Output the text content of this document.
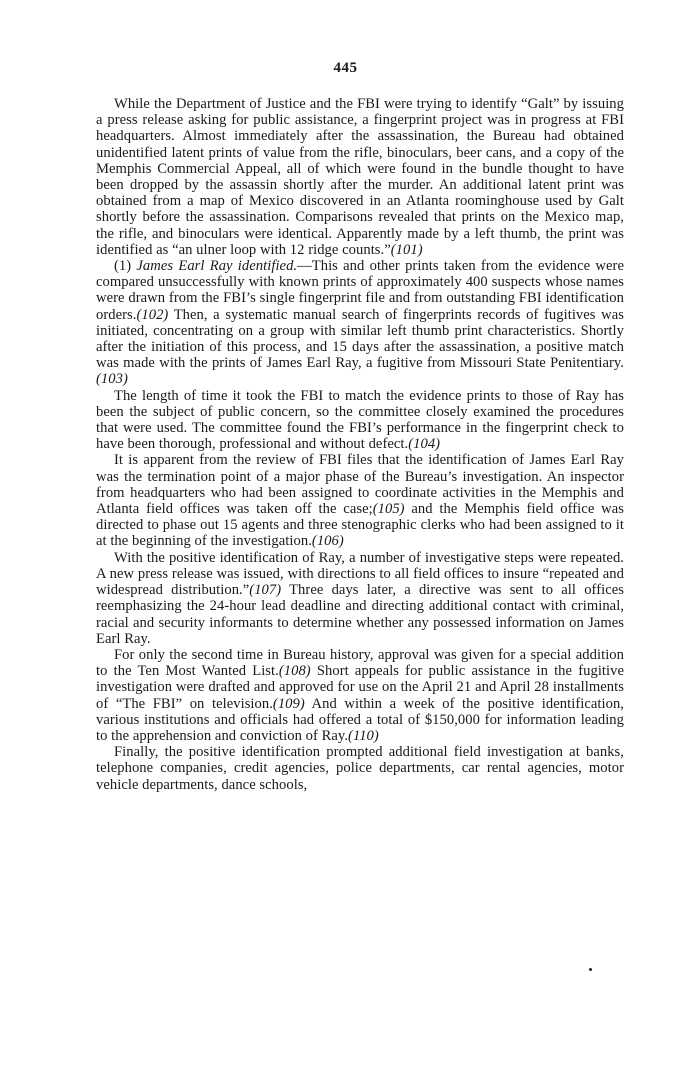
445

While the Department of Justice and the FBI were trying to identify “Galt” by issuing a press release asking for public assistance, a fingerprint project was in progress at FBI headquarters. Almost immediately after the assassination, the Bureau had obtained unidentified latent prints of value from the rifle, binoculars, beer cans, and a copy of the Memphis Commercial Appeal, all of which were found in the bundle thought to have been dropped by the assassin shortly after the murder. An additional latent print was obtained from a map of Mexico discovered in an Atlanta roominghouse used by Galt shortly before the assassination. Comparisons revealed that prints on the Mexico map, the rifle, and binoculars were identical. Apparently made by a left thumb, the print was identified as “an ulner loop with 12 ridge counts.”(101)

(1) James Earl Ray identified.—This and other prints taken from the evidence were compared unsuccessfully with known prints of approximately 400 suspects whose names were drawn from the FBI’s single fingerprint file and from outstanding FBI identification orders.(102) Then, a systematic manual search of fingerprints records of fugitives was initiated, concentrating on a group with similar left thumb print characteristics. Shortly after the initiation of this process, and 15 days after the assassination, a positive match was made with the prints of James Earl Ray, a fugitive from Missouri State Penitentiary.(103)

The length of time it took the FBI to match the evidence prints to those of Ray has been the subject of public concern, so the committee closely examined the procedures that were used. The committee found the FBI’s performance in the fingerprint check to have been thorough, professional and without defect.(104)

It is apparent from the review of FBI files that the identification of James Earl Ray was the termination point of a major phase of the Bureau’s investigation. An inspector from headquarters who had been assigned to coordinate activities in the Memphis and Atlanta field offices was taken off the case;(105) and the Memphis field office was directed to phase out 15 agents and three stenographic clerks who had been assigned to it at the beginning of the investigation.(106)

With the positive identification of Ray, a number of investigative steps were repeated. A new press release was issued, with directions to all field offices to insure “repeated and widespread distribution.”(107) Three days later, a directive was sent to all offices reemphasizing the 24-hour lead deadline and directing additional contact with criminal, racial and security informants to determine whether any possessed information on James Earl Ray.

For only the second time in Bureau history, approval was given for a special addition to the Ten Most Wanted List.(108) Short appeals for public assistance in the fugitive investigation were drafted and approved for use on the April 21 and April 28 installments of “The FBI” on television.(109) And within a week of the positive identification, various institutions and officials had offered a total of $150,000 for information leading to the apprehension and conviction of Ray.(110)

Finally, the positive identification prompted additional field investigation at banks, telephone companies, credit agencies, police departments, car rental agencies, motor vehicle departments, dance schools,
